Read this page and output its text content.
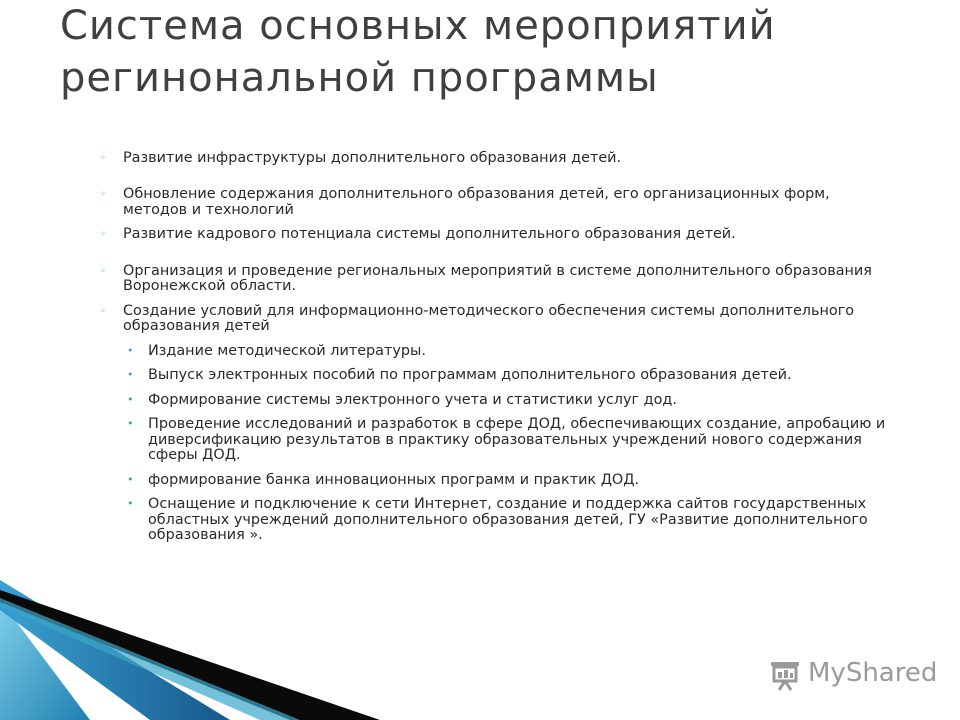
Система основных мероприятий регинональной программы
◦ Развитие инфраструктуры дополнительного образования детей.
◦ Обновление содержания дополнительного образования детей, его организационных форм, методов и технологий
◦ Развитие кадрового потенциала системы дополнительного образования детей.
◦ Организация и проведение региональных мероприятий в системе дополнительного образования Воронежской области.
◦ Создание условий для информационно-методического обеспечения системы дополнительного образования детей
• Издание методической литературы.
• Выпуск электронных пособий по программам дополнительного образования детей.
• Формирование системы электронного учета и статистики услуг дод.
• Проведение исследований и разработок в сфере ДОД, обеспечивающих создание, апробацию и диверсификацию результатов в практику образовательных учреждений нового содержания сферы ДОД.
• формирование банка инновационных программ и практик ДОД.
• Оснащение и подключение к сети Интернет, создание и поддержка сайтов государственных областных учреждений дополнительного образования детей, ГУ «Развитие дополнительного образования ».
MyShared
